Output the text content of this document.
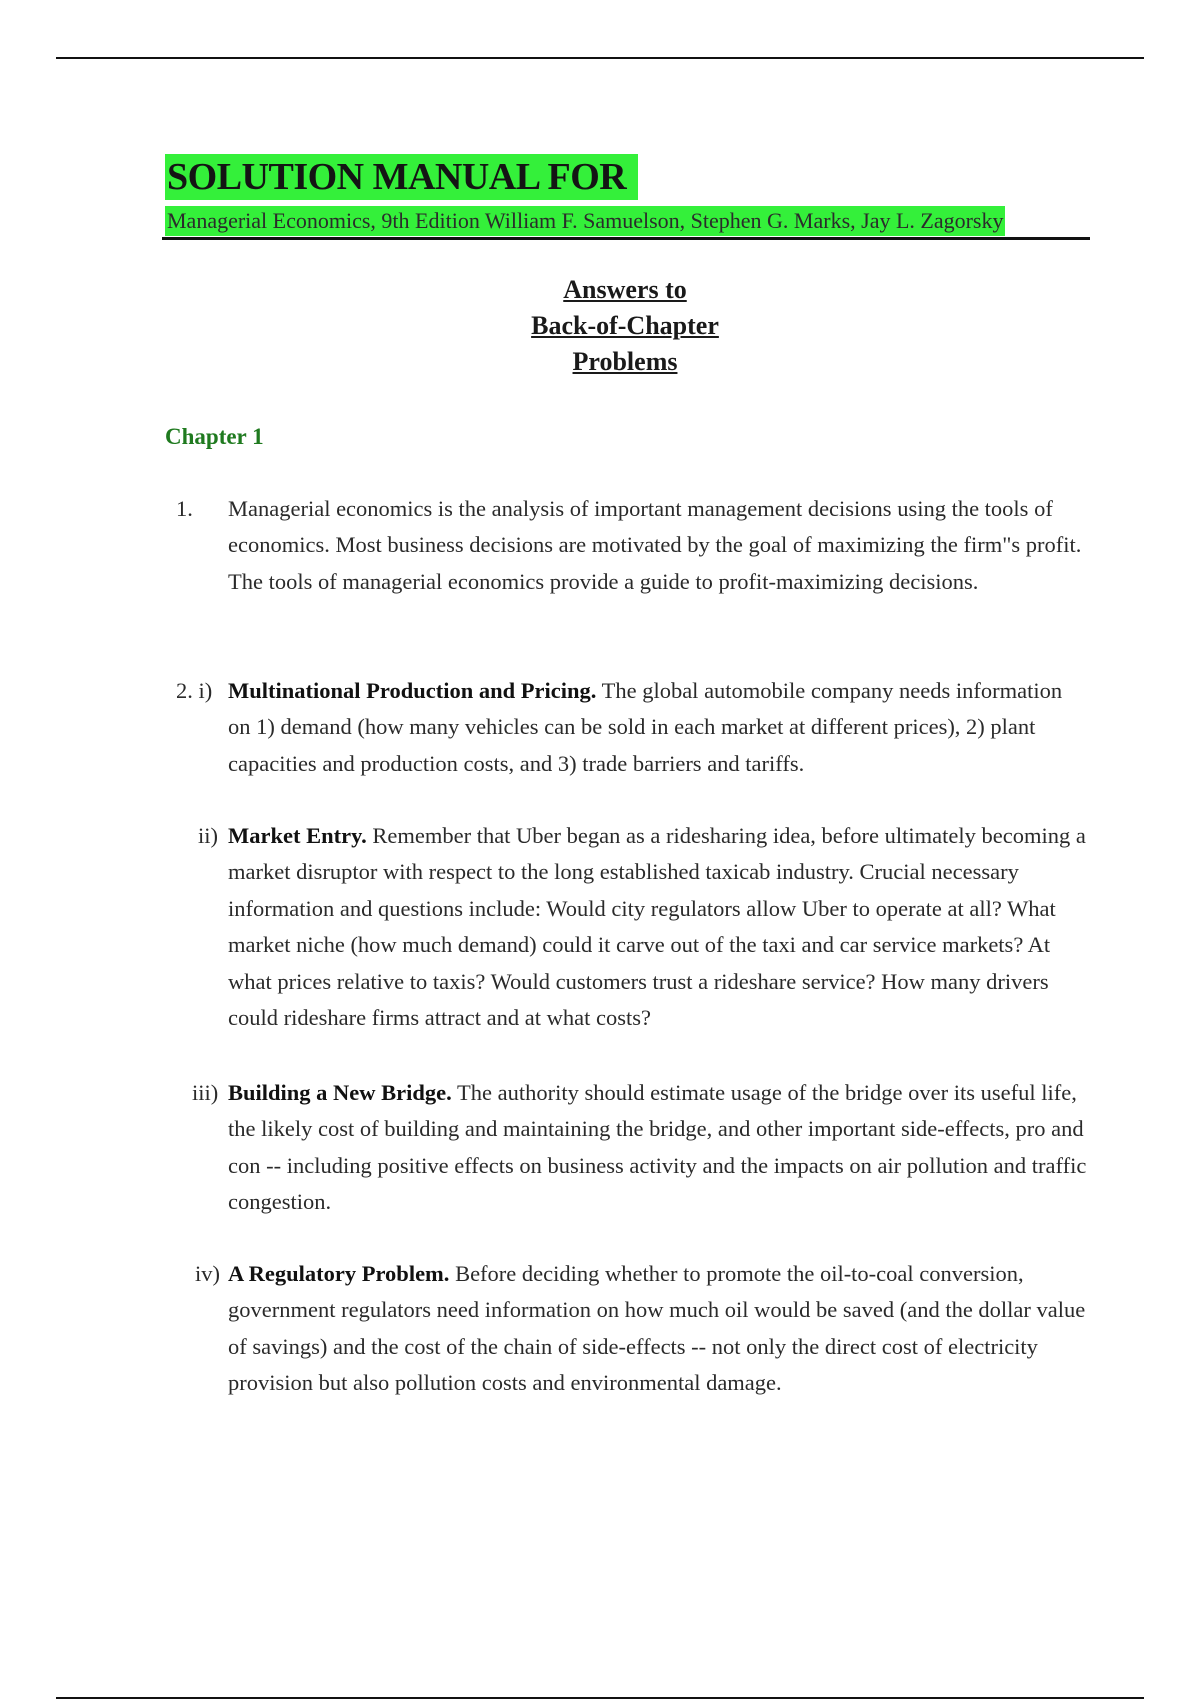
SOLUTION MANUAL FOR
Managerial Economics, 9th Edition William F. Samuelson, Stephen G. Marks, Jay L. Zagorsky
Answers to
Back-of-Chapter
Problems
Chapter 1
1. Managerial economics is the analysis of important management decisions using the tools of economics. Most business decisions are motivated by the goal of maximizing the firm"s profit. The tools of managerial economics provide a guide to profit-maximizing decisions.
2. i) Multinational Production and Pricing. The global automobile company needs information on 1) demand (how many vehicles can be sold in each market at different prices), 2) plant capacities and production costs, and 3) trade barriers and tariffs.
ii) Market Entry. Remember that Uber began as a ridesharing idea, before ultimately becoming a market disruptor with respect to the long established taxicab industry. Crucial necessary information and questions include: Would city regulators allow Uber to operate at all? What market niche (how much demand) could it carve out of the taxi and car service markets? At what prices relative to taxis? Would customers trust a rideshare service? How many drivers could rideshare firms attract and at what costs?
iii) Building a New Bridge. The authority should estimate usage of the bridge over its useful life, the likely cost of building and maintaining the bridge, and other important side-effects, pro and con -- including positive effects on business activity and the impacts on air pollution and traffic congestion.
iv) A Regulatory Problem. Before deciding whether to promote the oil-to-coal conversion, government regulators need information on how much oil would be saved (and the dollar value of savings) and the cost of the chain of side-effects -- not only the direct cost of electricity provision but also pollution costs and environmental damage.
